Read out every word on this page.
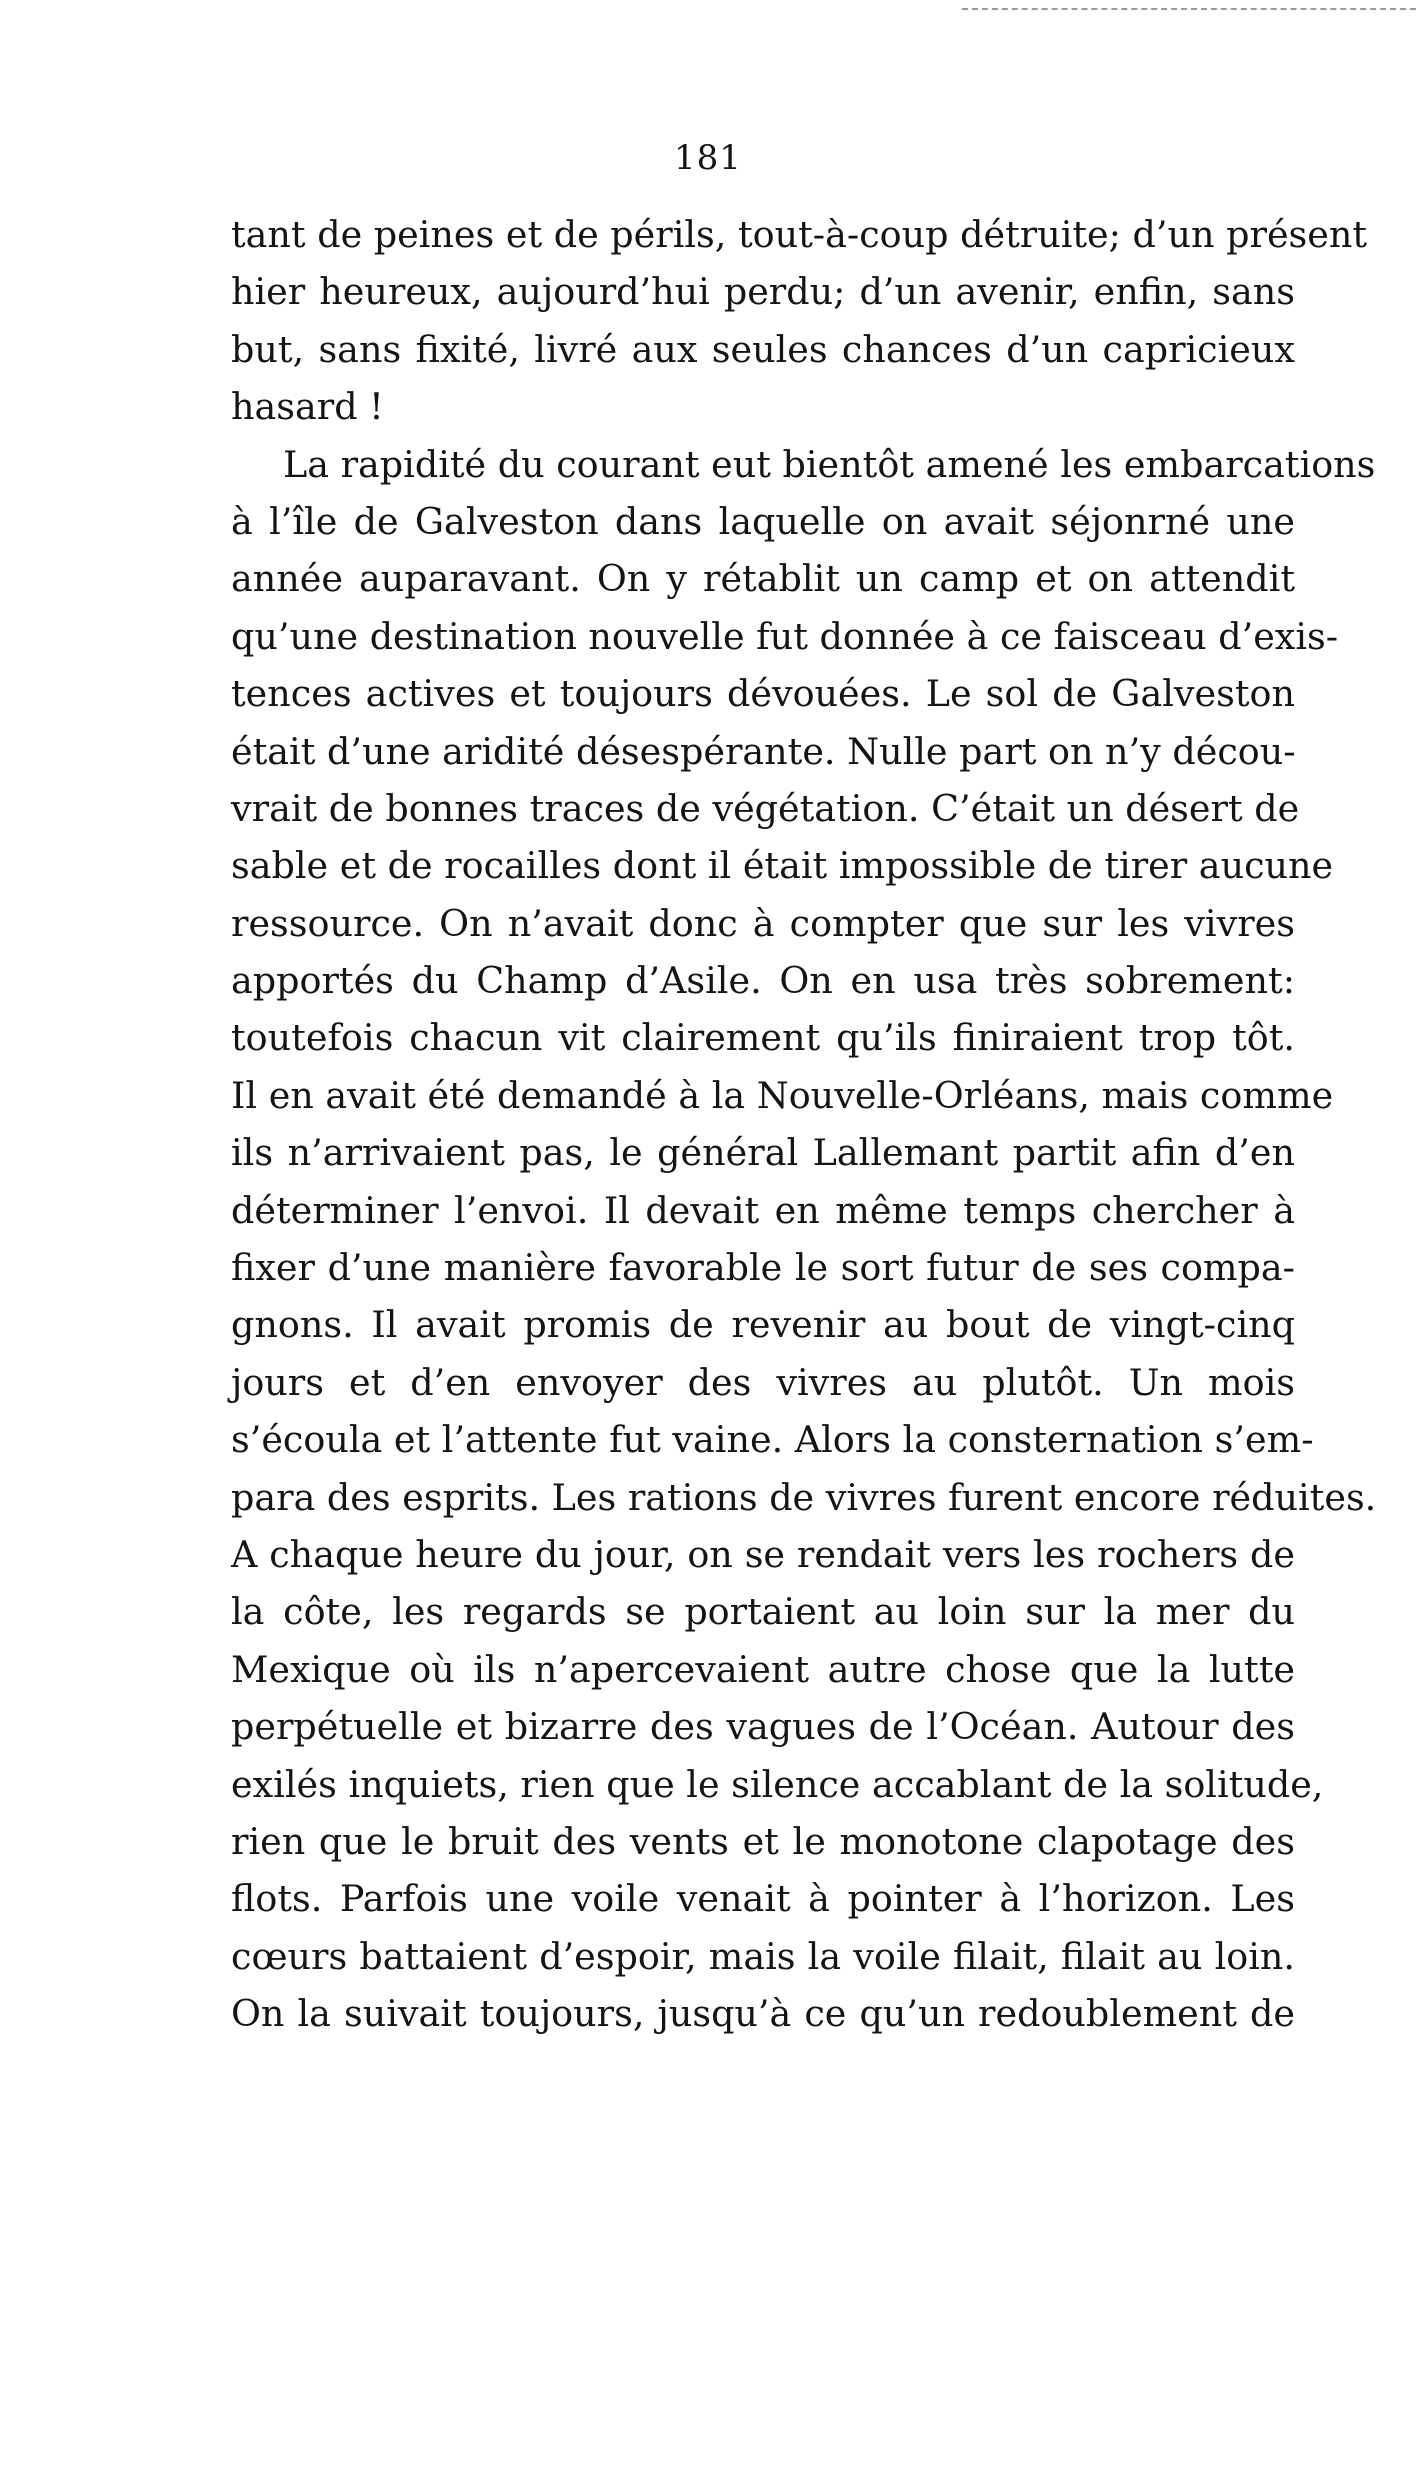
181
tant de peines et de périls, tout-à-coup détruite; d’un présent
hier heureux, aujourd’hui perdu; d’un avenir, enfin, sans
but, sans fixité, livré aux seules chances d’un capricieux
hasard !
La rapidité du courant eut bientôt amené les embarcations
à l’île de Galveston dans laquelle on avait séjonrné une
année auparavant. On y rétablit un camp et on attendit
qu’une destination nouvelle fut donnée à ce faisceau d’exis-
tences actives et toujours dévouées. Le sol de Galveston
était d’une aridité désespérante. Nulle part on n’y décou-
vrait de bonnes traces de végétation. C’était un désert de
sable et de rocailles dont il était impossible de tirer aucune
ressource. On n’avait donc à compter que sur les vivres
apportés du Champ d’Asile. On en usa très sobrement:
toutefois chacun vit clairement qu’ils finiraient trop tôt.
Il en avait été demandé à la Nouvelle-Orléans, mais comme
ils n’arrivaient pas, le général Lallemant partit afin d’en
déterminer l’envoi. Il devait en même temps chercher à
fixer d’une manière favorable le sort futur de ses compa-
gnons. Il avait promis de revenir au bout de vingt-cinq
jours et d’en envoyer des vivres au plutôt. Un mois
s’écoula et l’attente fut vaine. Alors la consternation s’em-
para des esprits. Les rations de vivres furent encore réduites.
A chaque heure du jour, on se rendait vers les rochers de
la côte, les regards se portaient au loin sur la mer du
Mexique où ils n’apercevaient autre chose que la lutte
perpétuelle et bizarre des vagues de l’Océan. Autour des
exilés inquiets, rien que le silence accablant de la solitude,
rien que le bruit des vents et le monotone clapotage des
flots. Parfois une voile venait à pointer à l’horizon. Les
cœurs battaient d’espoir, mais la voile filait, filait au loin.
On la suivait toujours, jusqu’à ce qu’un redoublement de
